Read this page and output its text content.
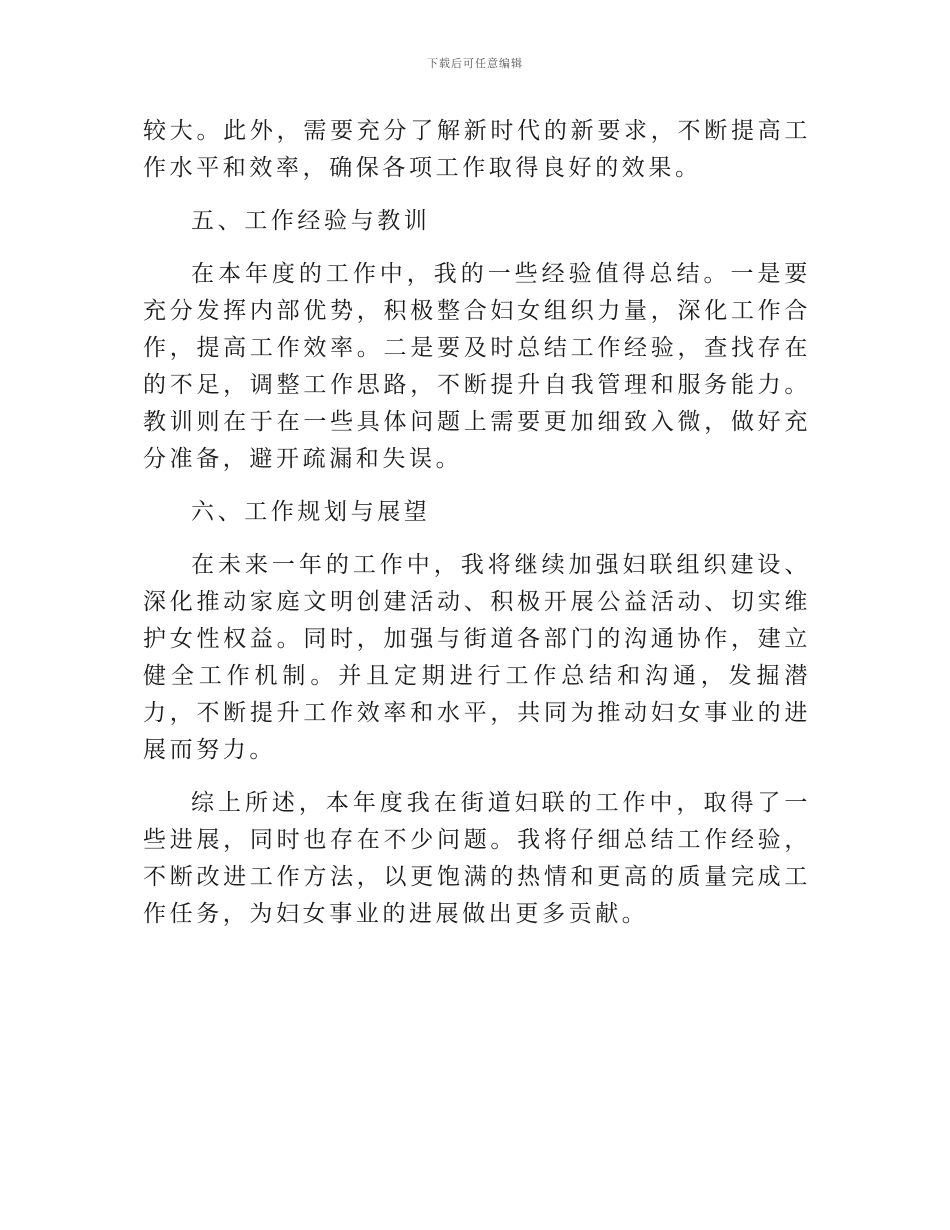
下载后可任意编辑

较大。此外，需要充分了解新时代的新要求，不断提高工作水平和效率，确保各项工作取得良好的效果。

五、工作经验与教训

在本年度的工作中，我的一些经验值得总结。一是要充分发挥内部优势，积极整合妇女组织力量，深化工作合作，提高工作效率。二是要及时总结工作经验，查找存在的不足，调整工作思路，不断提升自我管理和服务能力。教训则在于在一些具体问题上需要更加细致入微，做好充分准备，避开疏漏和失误。

六、工作规划与展望

在未来一年的工作中，我将继续加强妇联组织建设、深化推动家庭文明创建活动、积极开展公益活动、切实维护女性权益。同时，加强与街道各部门的沟通协作，建立健全工作机制。并且定期进行工作总结和沟通，发掘潜力，不断提升工作效率和水平，共同为推动妇女事业的进展而努力。

综上所述，本年度我在街道妇联的工作中，取得了一些进展，同时也存在不少问题。我将仔细总结工作经验，不断改进工作方法，以更饱满的热情和更高的质量完成工作任务，为妇女事业的进展做出更多贡献。
